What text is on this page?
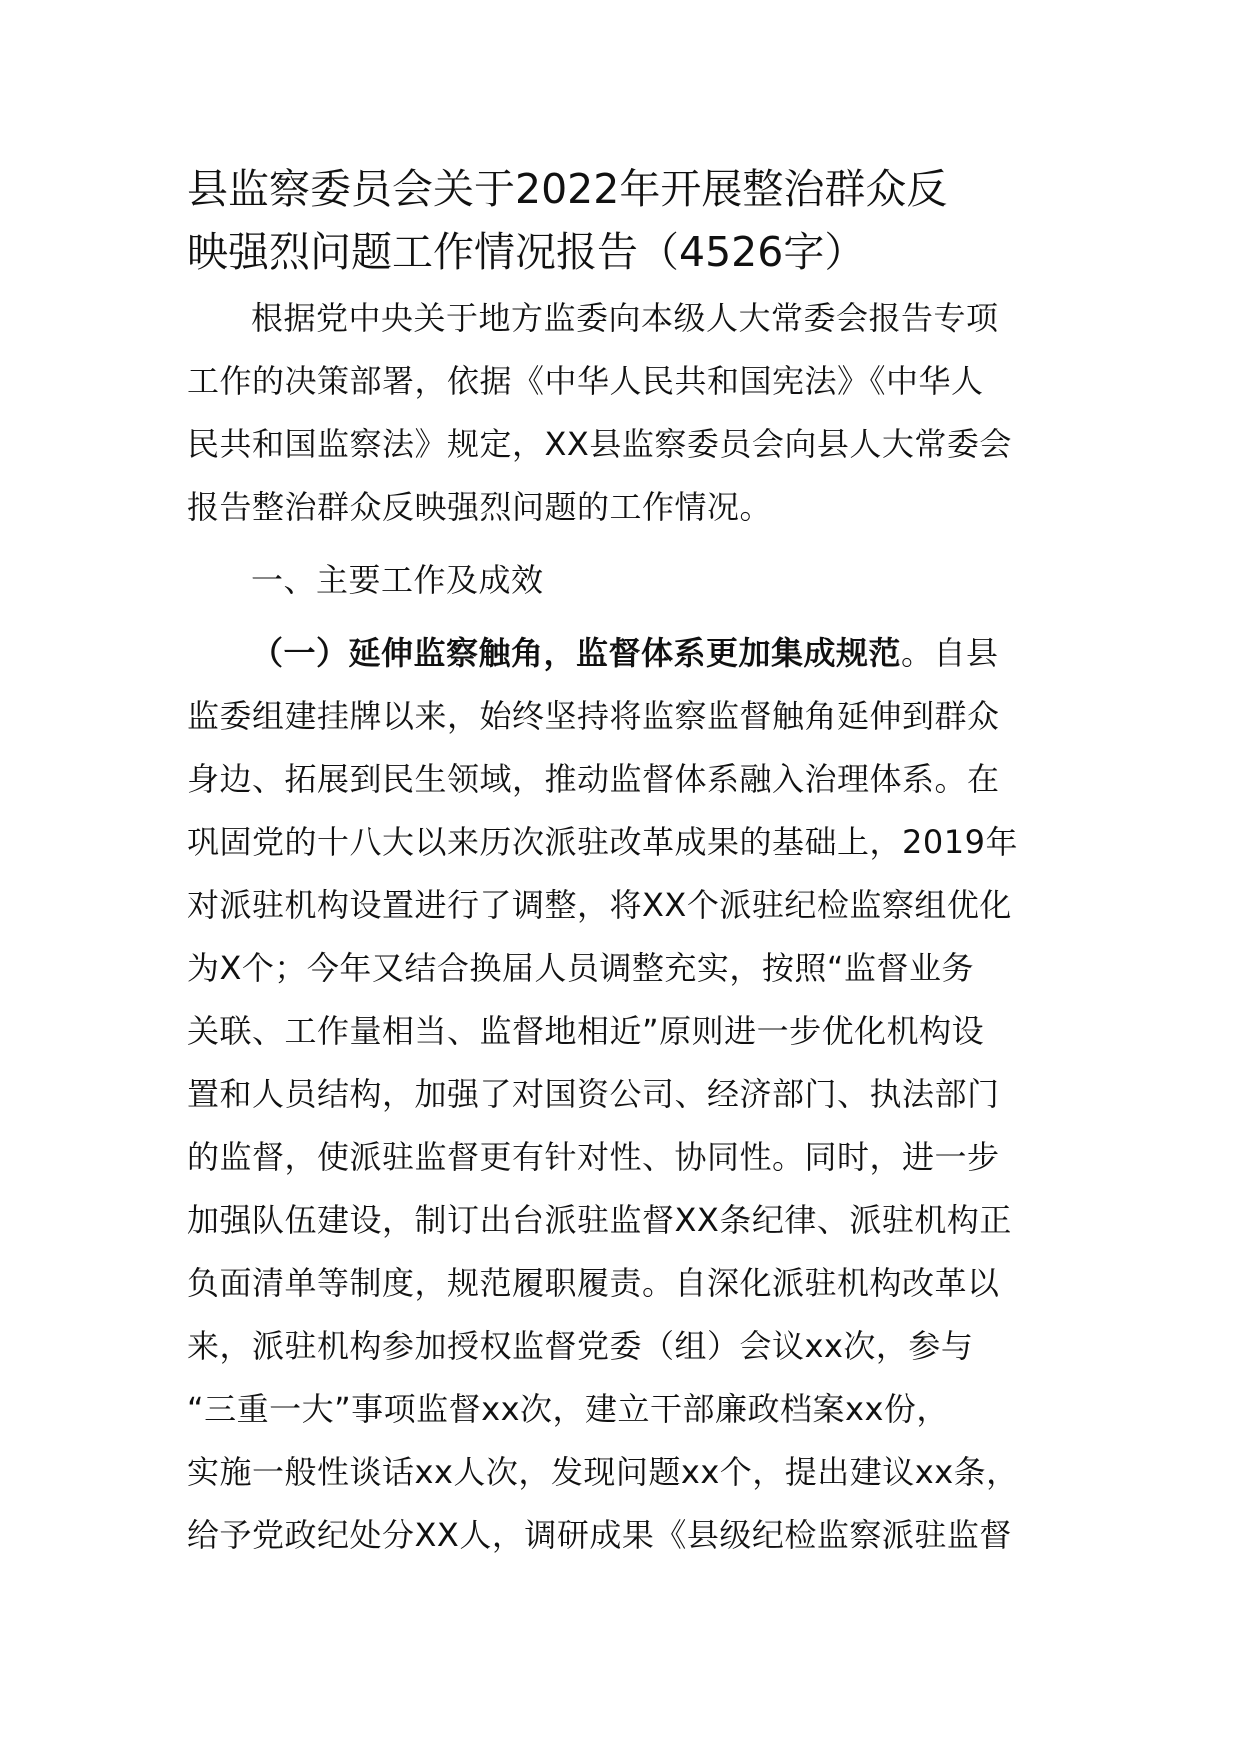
县监察委员会关于2022年开展整治群众反
映强烈问题工作情况报告（4526字）
根据党中央关于地方监委向本级人大常委会报告专项
工作的决策部署，依据《中华人民共和国宪法》《中华人
民共和国监察法》规定，XX县监察委员会向县人大常委会
报告整治群众反映强烈问题的工作情况。
一、主要工作及成效
（一）延伸监察触角，监督体系更加集成规范。自县
监委组建挂牌以来，始终坚持将监察监督触角延伸到群众
身边、拓展到民生领域，推动监督体系融入治理体系。在
巩固党的十八大以来历次派驻改革成果的基础上，2019年
对派驻机构设置进行了调整，将XX个派驻纪检监察组优化
为X个；今年又结合换届人员调整充实，按照“监督业务
关联、工作量相当、监督地相近”原则进一步优化机构设
置和人员结构，加强了对国资公司、经济部门、执法部门
的监督，使派驻监督更有针对性、协同性。同时，进一步
加强队伍建设，制订出台派驻监督XX条纪律、派驻机构正
负面清单等制度，规范履职履责。自深化派驻机构改革以
来，派驻机构参加授权监督党委（组）会议xx次，参与
“三重一大”事项监督xx次，建立干部廉政档案xx份，
实施一般性谈话xx人次，发现问题xx个，提出建议xx条，
给予党政纪处分XX人，调研成果《县级纪检监察派驻监督
